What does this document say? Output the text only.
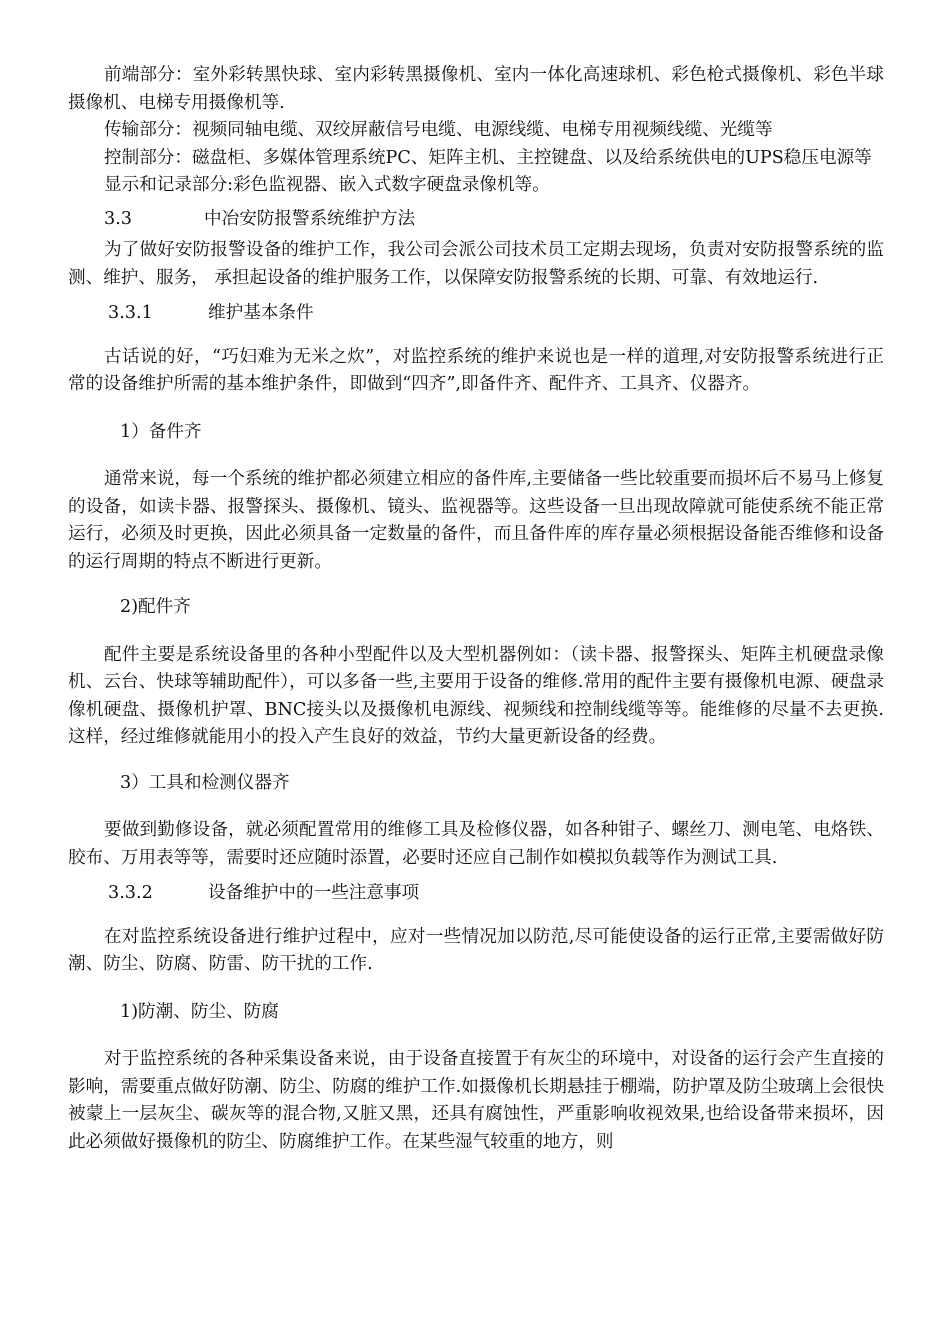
前端部分：室外彩转黑快球、室内彩转黑摄像机、室内一体化高速球机、彩色枪式摄像机、彩色半球摄像机、电梯专用摄像机等.

传输部分：视频同轴电缆、双绞屏蔽信号电缆、电源线缆、电梯专用视频线缆、光缆等

控制部分：磁盘柜、多媒体管理系统PC、矩阵主机、主控键盘、以及给系统供电的UPS稳压电源等

显示和记录部分:彩色监视器、嵌入式数字硬盘录像机等。

3.3	中冶安防报警系统维护方法

为了做好安防报警设备的维护工作，我公司会派公司技术员工定期去现场，负责对安防报警系统的监测、维护、服务， 承担起设备的维护服务工作，以保障安防报警系统的长期、可靠、有效地运行.

3.3.1	维护基本条件

古话说的好，“巧妇难为无米之炊”，对监控系统的维护来说也是一样的道理,对安防报警系统进行正常的设备维护所需的基本维护条件，即做到“四齐”,即备件齐、配件齐、工具齐、仪器齐。

1）备件齐

通常来说，每一个系统的维护都必须建立相应的备件库,主要储备一些比较重要而损坏后不易马上修复的设备，如读卡器、报警探头、摄像机、镜头、监视器等。这些设备一旦出现故障就可能使系统不能正常运行，必须及时更换，因此必须具备一定数量的备件，而且备件库的库存量必须根据设备能否维修和设备的运行周期的特点不断进行更新。

2)配件齐

配件主要是系统设备里的各种小型配件以及大型机器例如：（读卡器、报警探头、矩阵主机硬盘录像机、云台、快球等辅助配件），可以多备一些,主要用于设备的维修.常用的配件主要有摄像机电源、硬盘录像机硬盘、摄像机护罩、BNC接头以及摄像机电源线、视频线和控制线缆等等。能维修的尽量不去更换.这样，经过维修就能用小的投入产生良好的效益，节约大量更新设备的经费。

3）工具和检测仪器齐

要做到勤修设备，就必须配置常用的维修工具及检修仪器，如各种钳子、螺丝刀、测电笔、电烙铁、胶布、万用表等等，需要时还应随时添置，必要时还应自己制作如模拟负载等作为测试工具.

3.3.2	设备维护中的一些注意事项

在对监控系统设备进行维护过程中，应对一些情况加以防范,尽可能使设备的运行正常,主要需做好防潮、防尘、防腐、防雷、防干扰的工作.

1)防潮、防尘、防腐

对于监控系统的各种采集设备来说，由于设备直接置于有灰尘的环境中，对设备的运行会产生直接的影响，需要重点做好防潮、防尘、防腐的维护工作.如摄像机长期悬挂于棚端，防护罩及防尘玻璃上会很快被蒙上一层灰尘、碳灰等的混合物,又脏又黑，还具有腐蚀性，严重影响收视效果,也给设备带来损坏，因此必须做好摄像机的防尘、防腐维护工作。在某些湿气较重的地方，则
